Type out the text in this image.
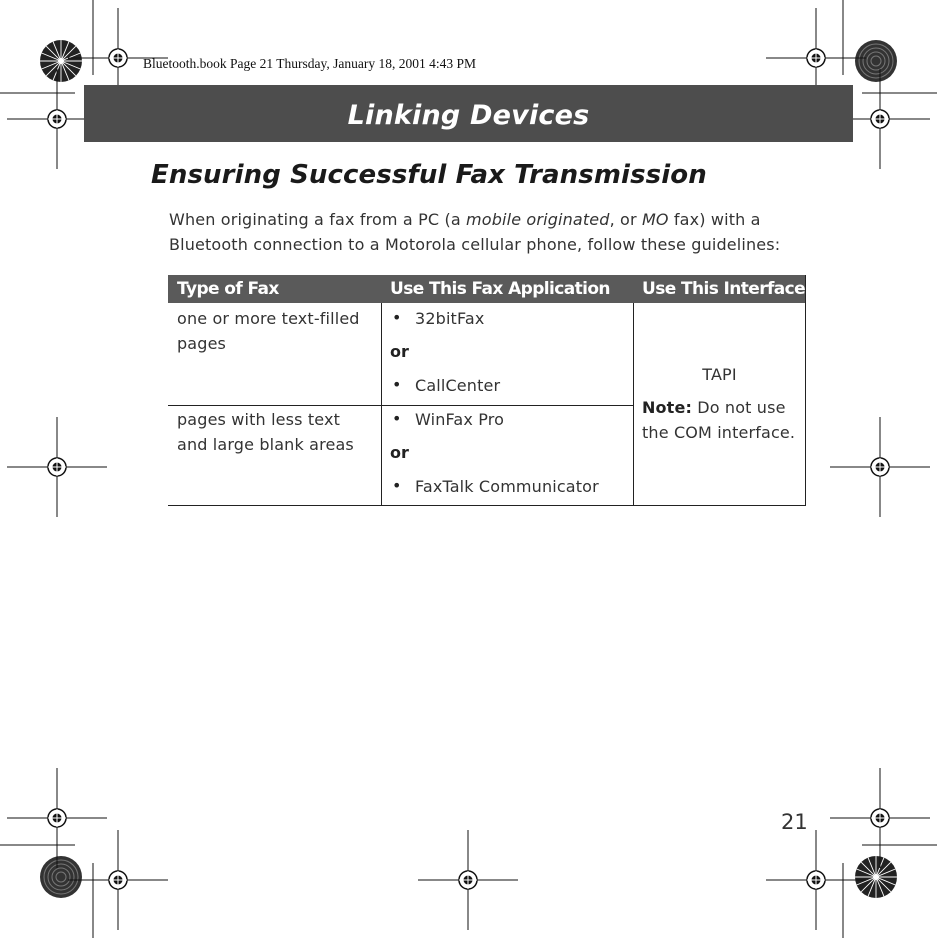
Bluetooth.book Page 21 Thursday, January 18, 2001 4:43 PM
Linking Devices
Ensuring Successful Fax Transmission
When originating a fax from a PC (a mobile originated, or MO fax) with a Bluetooth connection to a Motorola cellular phone, follow these guidelines:
Type of Fax	Use This Fax Application Use This Interface
one or more text-filled pages
• 32bitFax
or
• CallCenter
pages with less text and large blank areas
• WinFax Pro
or
• FaxTalk Communicator
TAPI
Note: Do not use the COM interface.
21
